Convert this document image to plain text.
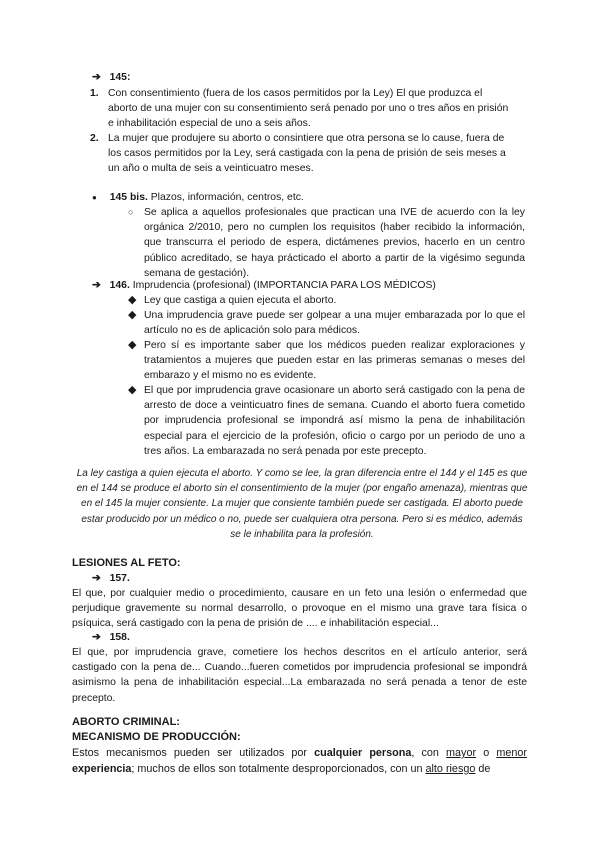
➔ 145:
1. Con consentimiento (fuera de los casos permitidos por la Ley) El que produzca el aborto de una mujer con su consentimiento será penado por uno o tres años en prisión e inhabilitación especial de uno a seis años.
2. La mujer que produjere su aborto o consintiere que otra persona se lo cause, fuera de los casos permitidos por la Ley, será castigada con la pena de prisión de seis meses a un año o multa de seis a veinticuatro meses.
● 145 bis. Plazos, información, centros, etc.
○ Se aplica a aquellos profesionales que practican una IVE de acuerdo con la ley orgánica 2/2010, pero no cumplen los requisitos (haber recibido la información, que transcurra el periodo de espera, dictámenes previos, hacerlo en un centro público acreditado, se haya prácticado el aborto a partir de la vigésimo segunda semana de gestación).
➔ 146. Imprudencia (profesional) (IMPORTANCIA PARA LOS MÉDICOS)
◆ Ley que castiga a quien ejecuta el aborto.
◆ Una imprudencia grave puede ser golpear a una mujer embarazada por lo que el artículo no es de aplicación solo para médicos.
◆ Pero sí es importante saber que los médicos pueden realizar exploraciones y tratamientos a mujeres que pueden estar en las primeras semanas o meses del embarazo y el mismo no es evidente.
◆ El que por imprudencia grave ocasionare un aborto será castigado con la pena de arresto de doce a veinticuatro fines de semana. Cuando el aborto fuera cometido por imprudencia profesional se impondrá así mismo la pena de inhabilitación especial para el ejercicio de la profesión, oficio o cargo por un periodo de uno a tres años. La embarazada no será penada por este precepto.
La ley castiga a quien ejecuta el aborto. Y como se lee, la gran diferencia entre el 144 y el 145 es que en el 144 se produce el aborto sin el consentimiento de la mujer (por engaño amenaza), mientras que en el 145 la mujer consiente. La mujer que consiente también puede ser castigada. El aborto puede estar producido por un médico o no, puede ser cualquiera otra persona. Pero si es médico, además se le inhabilita para la profesión.
LESIONES AL FETO:
➔ 157.
El que, por cualquier medio o procedimiento, causare en un feto una lesión o enfermedad que perjudique gravemente su normal desarrollo, o provoque en el mismo una grave tara física o psíquica, será castigado con la pena de prisión de .... e inhabilitación especial...
➔ 158.
El que, por imprudencia grave, cometiere los hechos descritos en el artículo anterior, será castigado con la pena de... Cuando...fueren cometidos por imprudencia profesional se impondrá asimismo la pena de inhabilitación especial...La embarazada no será penada a tenor de este precepto.
ABORTO CRIMINAL:
MECANISMO DE PRODUCCIÓN:
Estos mecanismos pueden ser utilizados por cualquier persona, con mayor o menor experiencia; muchos de ellos son totalmente desproporcionados, con un alto riesgo de
